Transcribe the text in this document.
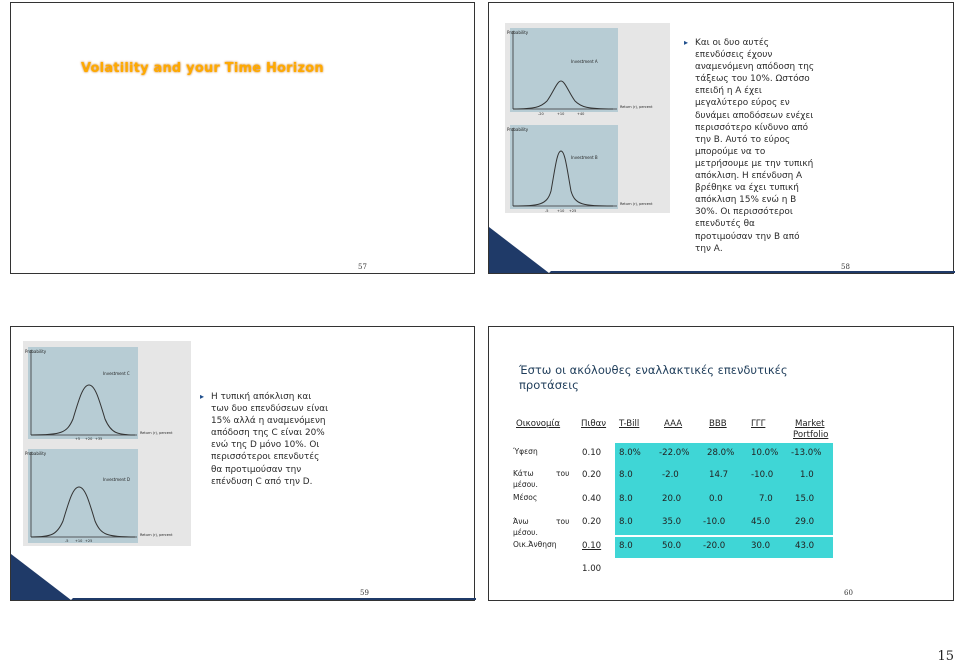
Volatility and your Time Horizon
57
Probability
Investment A
-20	+10	+40
Return (r), percent
Probability
Investment B
-5 +10 +25
Return (r), percent
▸ Και οι δυο αυτές
επενδύσεις έχουν
αναμενόμενη απόδοση της
τάξεως του 10%. Ωστόσο
επειδή η Α έχει
μεγαλύτερο εύρος εν
δυνάμει αποδόσεων ενέχει
περισσότερο κίνδυνο από
την Β. Αυτό το εύρος
μπορούμε να το
μετρήσουμε με την τυπική
απόκλιση. Η επένδυση Α
βρέθηκε να έχει τυπική
απόκλιση 15% ενώ η Β
30%. Οι περισσότεροι
επενδυτές θα
προτιμούσαν την Β από
την Α.
58
Probability
Investment C
+5 +20 +35
Return (r), percent
Probability
Investment D
-5 +10 +25
Return (r), percent
▸ Η τυπική απόκλιση και
των δυο επενδύσεων είναι
15% αλλά η αναμενόμενη
απόδοση της C είναι 20%
ενώ της D μόνο 10%. Οι
περισσότεροι επενδυτές
θα προτιμούσαν την
επένδυση C από την D.
59
Έστω οι ακόλουθες εναλλακτικές επενδυτικές
προτάσεις
Οικονομία Πιθαν T-Bill	AAA	BBB	ΓΓΓ	Market
Portfolio
Ύφεση	0.10 8.0% -22.0% 28.0% 10.0% -13.0%
Κάτω	του
μέσου.
0.20 8.0	-2.0	14.7	-10.0	1.0
Μέσος	0.40 8.0	20.0	0.0	7.0	15.0
Άνω	του
μέσου.
0.20 8.0	35.0	-10.0	45.0	29.0
Οικ.Άνθηση	0.10 8.0	50.0	-20.0	30.0	43.0
1.00
60
15
